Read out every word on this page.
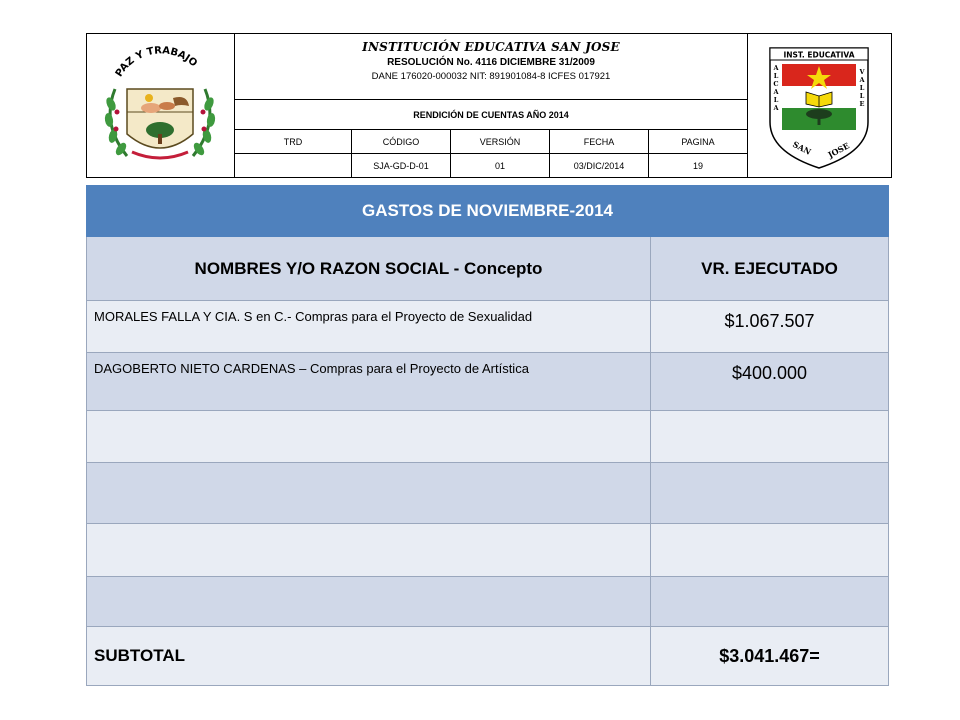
PAZ Y TRABAJO
INSTITUCIÓN EDUCATIVA SAN JOSE
RESOLUCIÓN No. 4116 DICIEMBRE 31/2009
DANE 176020-000032 NIT: 891901084-8 ICFES 017921
RENDICIÓN DE CUENTAS AÑO 2014
TRD	CÓDIGO	VERSIÓN	FECHA	PAGINA
	SJA-GD-D-01	01	03/DIC/2014	19
INST. EDUCATIVA
A
L
C
A
L
A
V
A
L
L
E
SAN JOSE
GASTOS DE NOVIEMBRE-2014	
NOMBRES Y/O RAZON SOCIAL - Concepto	VR. EJECUTADO
MORALES FALLA Y CIA. S en C.- Compras para el Proyecto de Sexualidad	$1.067.507
DAGOBERTO NIETO CARDENAS – Compras para el Proyecto de Artística	$400.000

SUBTOTAL	$3.041.467=
